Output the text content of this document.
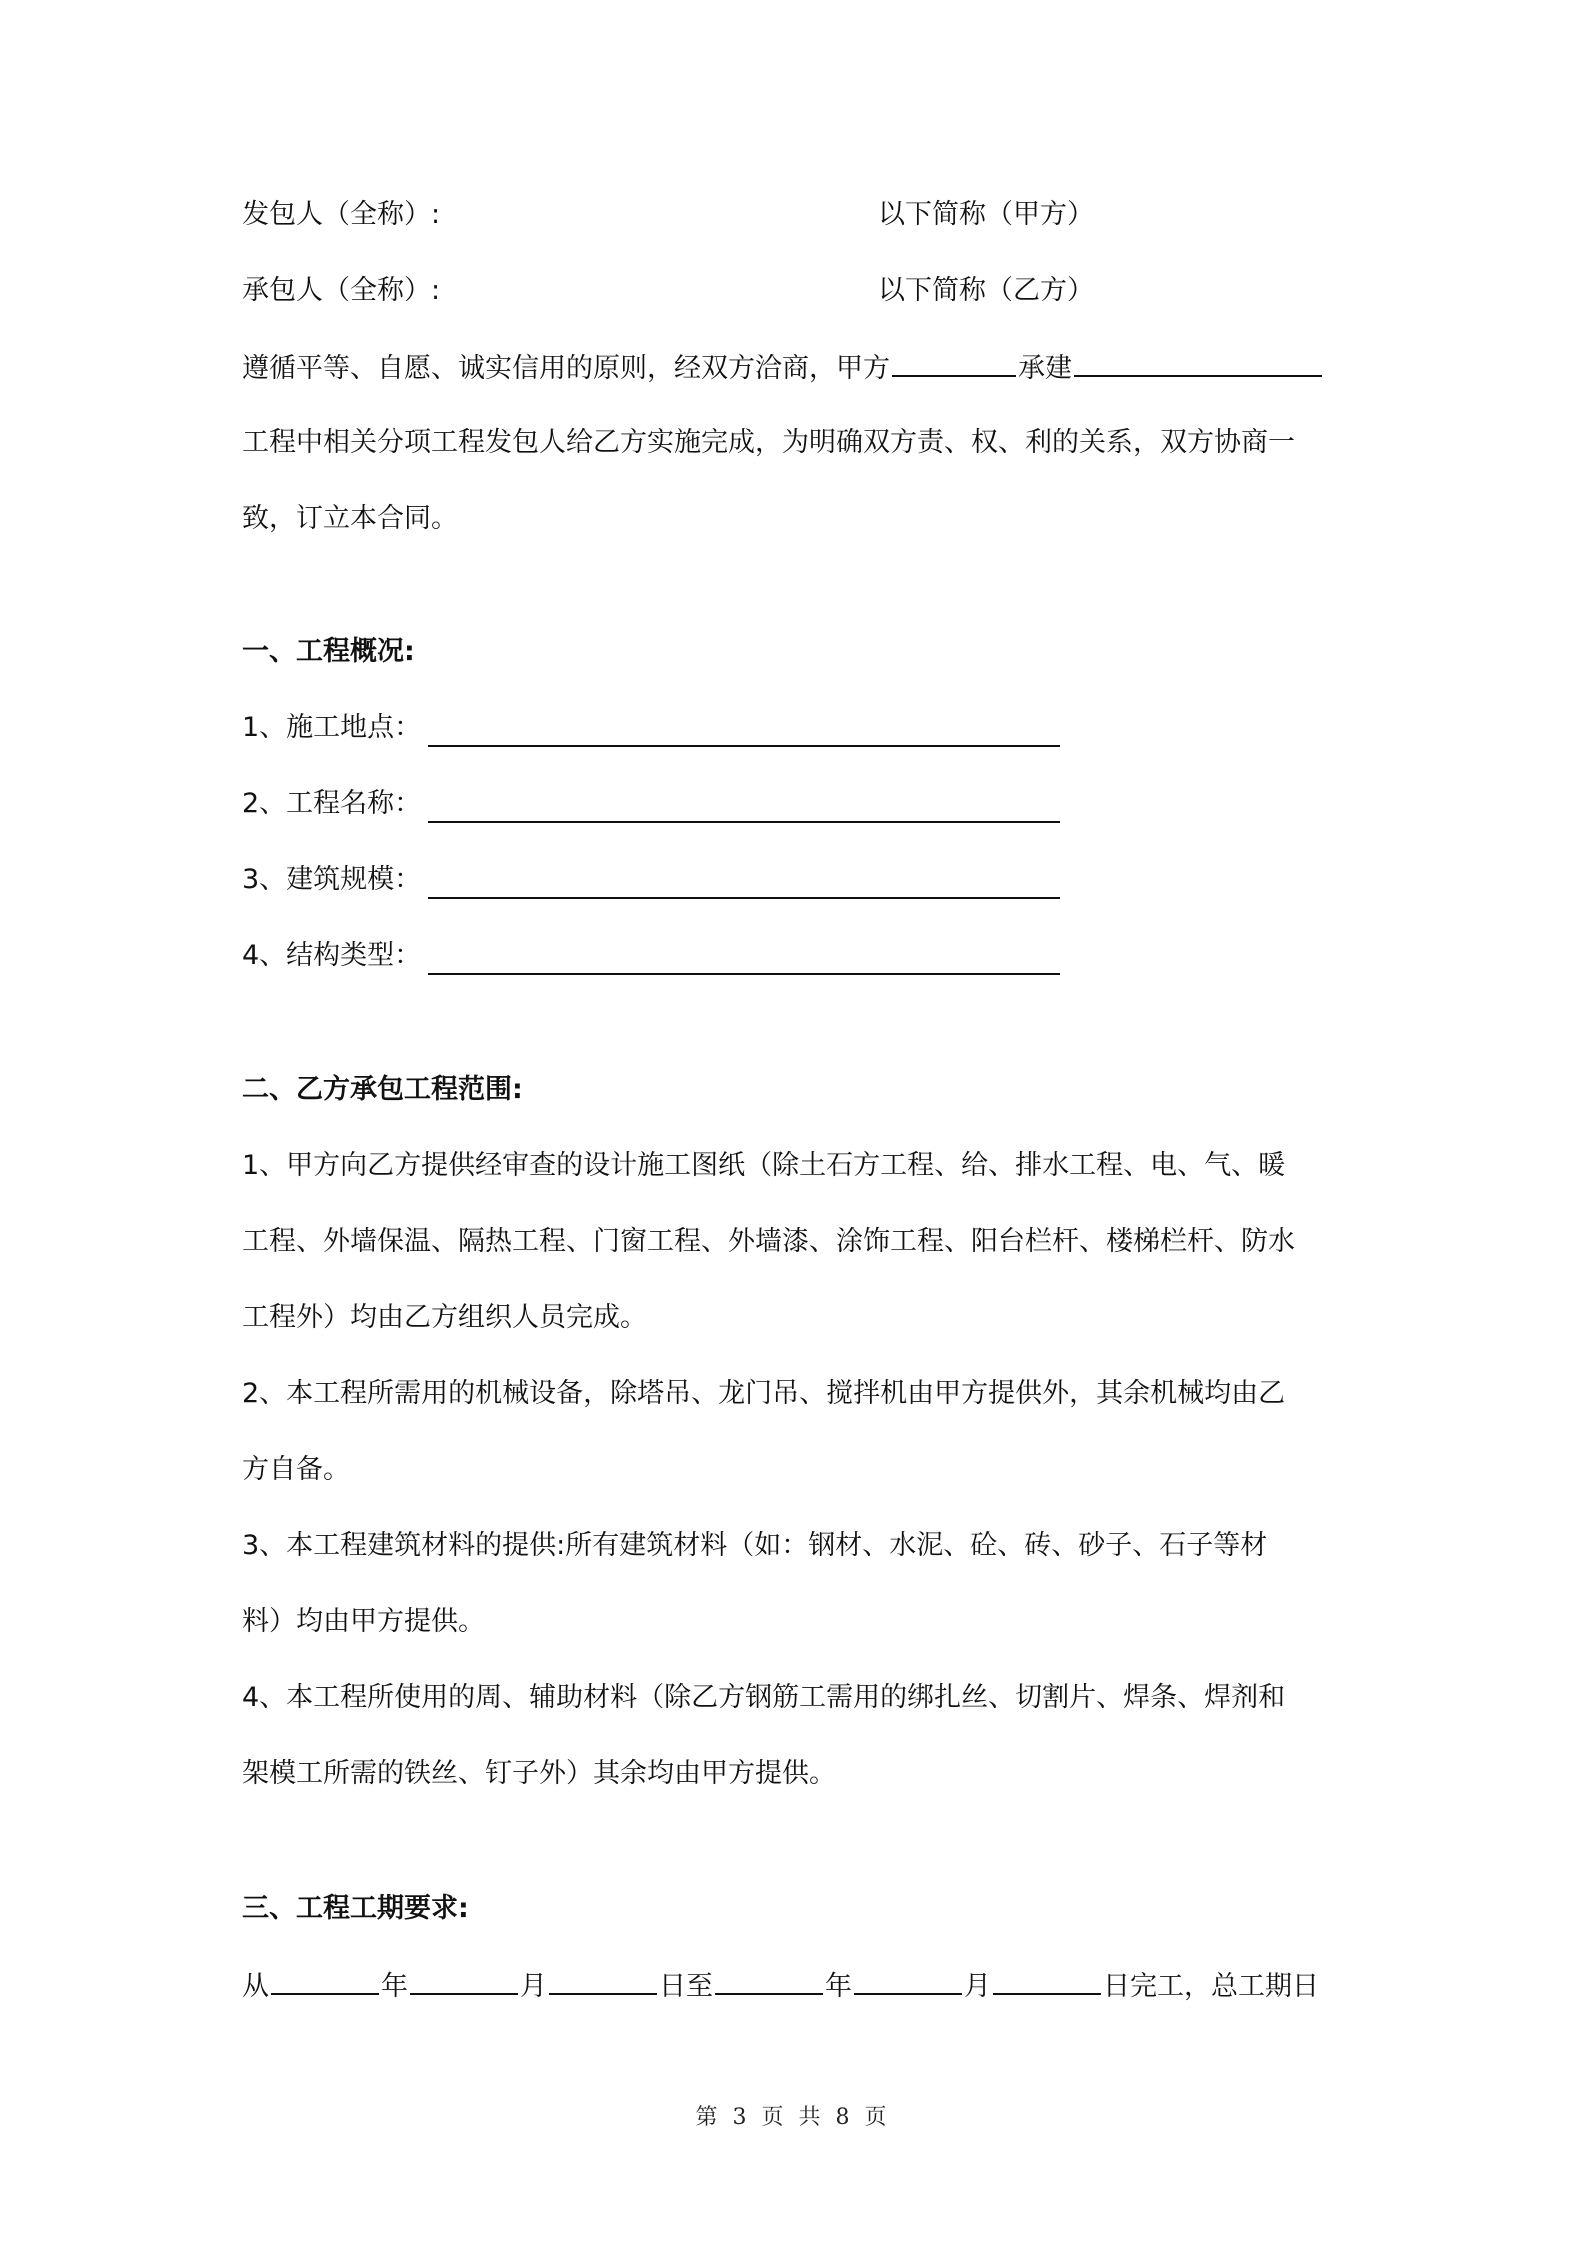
发包人（全称）:	以下简称（甲方）
承包人（全称）:	以下简称（乙方）
遵循平等、自愿、诚实信用的原则，经双方洽商，甲方	承建
工程中相关分项工程发包人给乙方实施完成，为明确双方责、权、利的关系，双方协商一
致，订立本合同。
一、工程概况:
1、施工地点：
2、工程名称：
3、建筑规模：
4、结构类型：
二、乙方承包工程范围:
1、甲方向乙方提供经审查的设计施工图纸（除土石方工程、给、排水工程、电、气、暖
工程、外墙保温、隔热工程、门窗工程、外墙漆、涂饰工程、阳台栏杆、楼梯栏杆、防水
工程外）均由乙方组织人员完成。
2、本工程所需用的机械设备，除塔吊、龙门吊、搅拌机由甲方提供外，其余机械均由乙
方自备。
3、本工程建筑材料的提供:所有建筑材料（如：钢材、水泥、砼、砖、砂子、石子等材
料）均由甲方提供。
4、本工程所使用的周、辅助材料（除乙方钢筋工需用的绑扎丝、切割片、焊条、焊剂和
架模工所需的铁丝、钉子外）其余均由甲方提供。
三、工程工期要求:
从	年	月	日至	年	月	日完工，总工期日
第 3 页 共 8 页
